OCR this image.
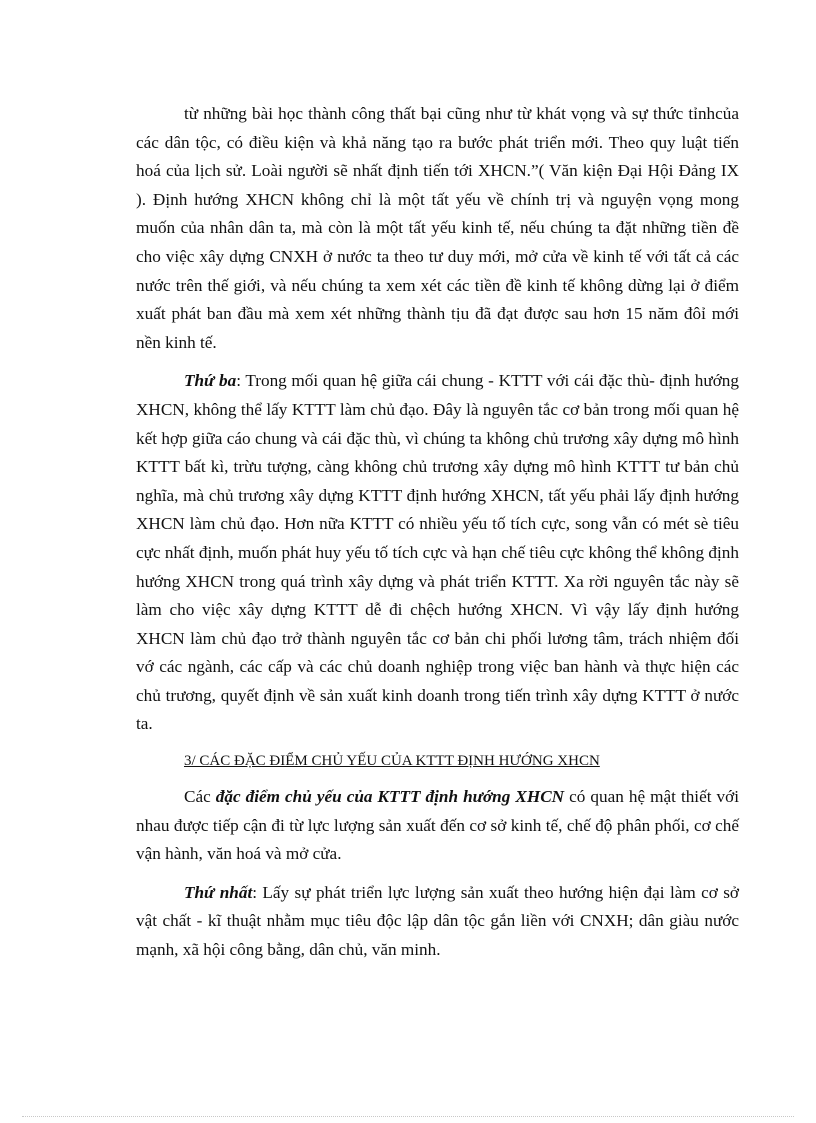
từ những bài học thành công thất bại cũng như từ khát vọng và sự thức tỉnhcủa các dân tộc, có điều kiện và khả năng tạo ra bước phát triển mới. Theo quy luật tiến hoá của lịch sử. Loài người sẽ nhất định tiến tới XHCN.”( Văn kiện Đại Hội Đảng IX ). Định hướng XHCN không chỉ là một tất yếu về chính trị và nguyện vọng mong muốn của nhân dân ta, mà còn là một tất yếu kinh tế, nếu chúng ta đặt những tiền đề cho việc xây dựng CNXH ở nước ta theo tư duy mới, mở cửa về kinh tế với tất cả các nước trên thế giới, và nếu chúng ta xem xét các tiền đề kinh tế không dừng lại ở điểm xuất phát ban đầu mà xem xét những thành tịu đã đạt được sau hơn 15 năm đôỉ mới nền kinh tế.

Thứ ba: Trong mối quan hệ giữa cái chung - KTTT với cái đặc thù- định hướng XHCN, không thể lấy KTTT làm chủ đạo. Đây là nguyên tắc cơ bản trong mối quan hệ kết hợp giữa cáo chung và cái đặc thù, vì chúng ta không chủ trương xây dựng mô hình KTTT bất kì, trừu tượng, càng không chủ trương xây dựng mô hình KTTT tư bản chủ nghĩa, mà chủ trương xây dựng KTTT định hướng XHCN, tất yếu phải lấy định hướng XHCN làm chủ đạo. Hơn nữa KTTT có nhiều yếu tố tích cực, song vẫn có mét sè tiêu cực nhất định, muốn phát huy yếu tố tích cực và hạn chế tiêu cực không thể không định hướng XHCN trong quá trình xây dựng và phát triển KTTT. Xa rời nguyên tắc này sẽ làm cho việc xây dựng KTTT dễ đi chệch hướng XHCN. Vì vậy lấy định hướng XHCN làm chủ đạo trở thành nguyên tắc cơ bản chi phối lương tâm, trách nhiệm đối vớ các ngành, các cấp và các chủ doanh nghiệp trong việc ban hành và thực hiện các chủ trương, quyết định về sản xuất kinh doanh trong tiến trình xây dựng KTTT ở nước ta.

3/ CÁC ĐẶC ĐIỂM CHỦ YẾU CỦA KTTT ĐỊNH HƯỚNG XHCN

Các đặc điểm chủ yếu của KTTT định hướng XHCN có quan hệ mật thiết với nhau được tiếp cận đi từ lực lượng sản xuất đến cơ sở kinh tế, chế độ phân phối, cơ chế vận hành, văn hoá và mở cửa.

Thứ nhất: Lấy sự phát triển lực lượng sản xuất theo hướng hiện đại làm cơ sở vật chất - kĩ thuật nhằm mục tiêu độc lập dân tộc gắn liền với CNXH; dân giàu nước mạnh, xã hội công bằng, dân chủ, văn minh.
